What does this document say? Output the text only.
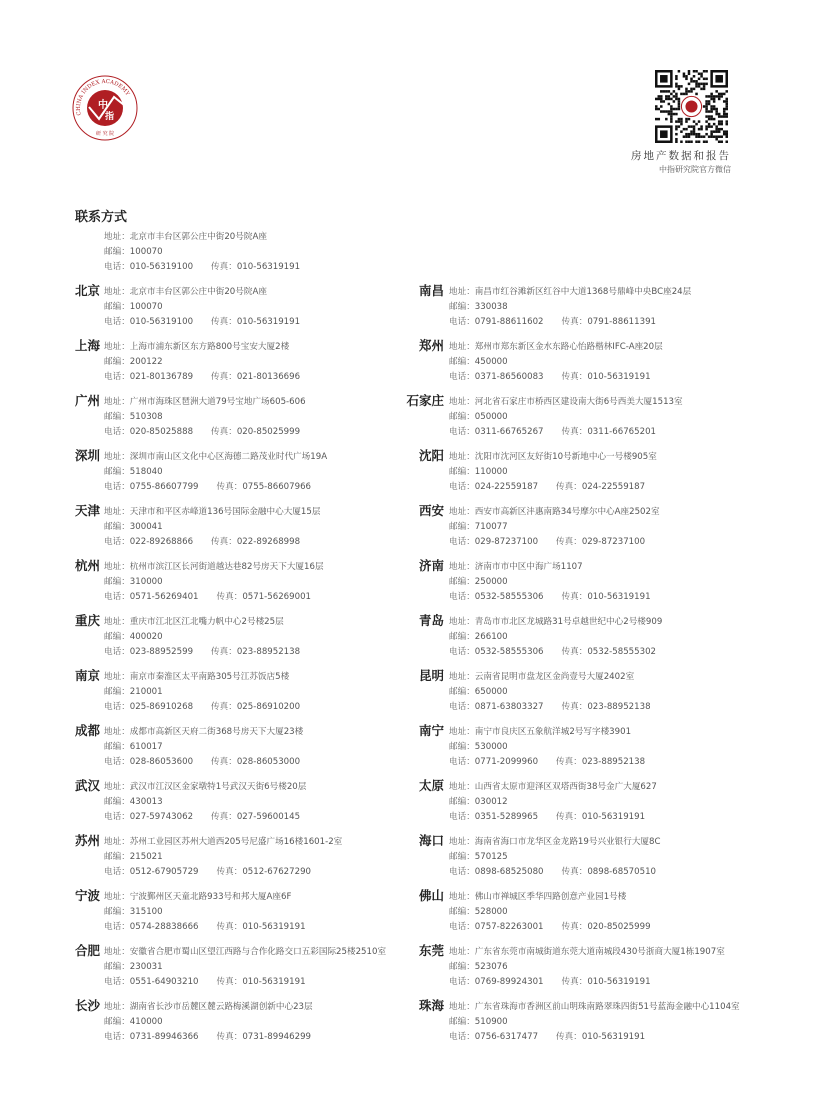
中
指
CHINA INDEX ACADEMY
研 究 院
房地产数据和报告
中指研究院官方微信
联系方式
地址：北京市丰台区郭公庄中街20号院A座
邮编：100070
电话：010-56319100 传真：010-56319191
北京 地址：北京市丰台区郭公庄中街20号院A座
邮编：100070
电话：010-56319100 传真：010-56319191
上海 地址：上海市浦东新区东方路800号宝安大厦2楼
邮编：200122
电话：021-80136789 传真：021-80136696
广州 地址：广州市海珠区琶洲大道79号宝地广场605-606
邮编：510308
电话：020-85025888 传真：020-85025999
深圳 地址：深圳市南山区文化中心区海德二路茂业时代广场19A
邮编：518040
电话：0755-86607799 传真：0755-86607966
天津 地址：天津市和平区赤峰道136号国际金融中心大厦15层
邮编：300041
电话：022-89268866 传真：022-89268998
杭州 地址：杭州市滨江区长河街道越达巷82号房天下大厦16层
邮编：310000
电话：0571-56269401 传真：0571-56269001
重庆 地址：重庆市江北区江北嘴力帆中心2号楼25层
邮编：400020
电话：023-88952599 传真：023-88952138
南京 地址：南京市秦淮区太平南路305号江苏饭店5楼
邮编：210001
电话：025-86910268 传真：025-86910200
成都 地址：成都市高新区天府二街368号房天下大厦23楼
邮编：610017
电话：028-86053600 传真：028-86053000
武汉 地址：武汉市江汉区金家墩特1号武汉天街6号楼20层
邮编：430013
电话：027-59743062 传真：027-59600145
苏州 地址：苏州工业园区苏州大道西205号尼盛广场16楼1601-2室
邮编：215021
电话：0512-67905729 传真：0512-67627290
宁波 地址：宁波鄞州区天童北路933号和邦大厦A座6F
邮编：315100
电话：0574-28838666 传真：010-56319191
合肥 地址：安徽省合肥市蜀山区望江西路与合作化路交口五彩国际25楼2510室
邮编：230031
电话：0551-64903210 传真：010-56319191
长沙 地址：湖南省长沙市岳麓区麓云路梅溪湖创新中心23层
邮编：410000
电话：0731-89946366 传真：0731-89946299
南昌 地址：南昌市红谷滩新区红谷中大道1368号鼎峰中央BC座24层
邮编：330038
电话：0791-88611602 传真：0791-88611391
郑州 地址：郑州市郑东新区金水东路心怡路楷林IFC-A座20层
邮编：450000
电话：0371-86560083 传真：010-56319191
石家庄 地址：河北省石家庄市桥西区建设南大街6号西美大厦1513室
邮编：050000
电话：0311-66765267 传真：0311-66765201
沈阳 地址：沈阳市沈河区友好街10号新地中心一号楼905室
邮编：110000
电话：024-22559187 传真：024-22559187
西安 地址：西安市高新区沣惠南路34号摩尔中心A座2502室
邮编：710077
电话：029-87237100 传真：029-87237100
济南 地址：济南市市中区中海广场1107
邮编：250000
电话：0532-58555306 传真：010-56319191
青岛 地址：青岛市市北区龙城路31号卓越世纪中心2号楼909
邮编：266100
电话：0532-58555306 传真：0532-58555302
昆明 地址：云南省昆明市盘龙区金尚壹号大厦2402室
邮编：650000
电话：0871-63803327 传真：023-88952138
南宁 地址：南宁市良庆区五象航洋城2号写字楼3901
邮编：530000
电话：0771-2099960 传真：023-88952138
太原 地址：山西省太原市迎泽区双塔西街38号金广大厦627
邮编：030012
电话：0351-5289965 传真：010-56319191
海口 地址：海南省海口市龙华区金龙路19号兴业银行大厦8C
邮编：570125
电话：0898-68525080 传真：0898-68570510
佛山 地址：佛山市禅城区季华四路创意产业园1号楼
邮编：528000
电话：0757-82263001 传真：020-85025999
东莞 地址：广东省东莞市南城街道东莞大道南城段430号浙商大厦1栋1907室
邮编：523076
电话：0769-89924301 传真：010-56319191
珠海 地址：广东省珠海市香洲区前山明珠南路翠珠四街51号蓝海金融中心1104室
邮编：510900
电话：0756-6317477 传真：010-56319191
